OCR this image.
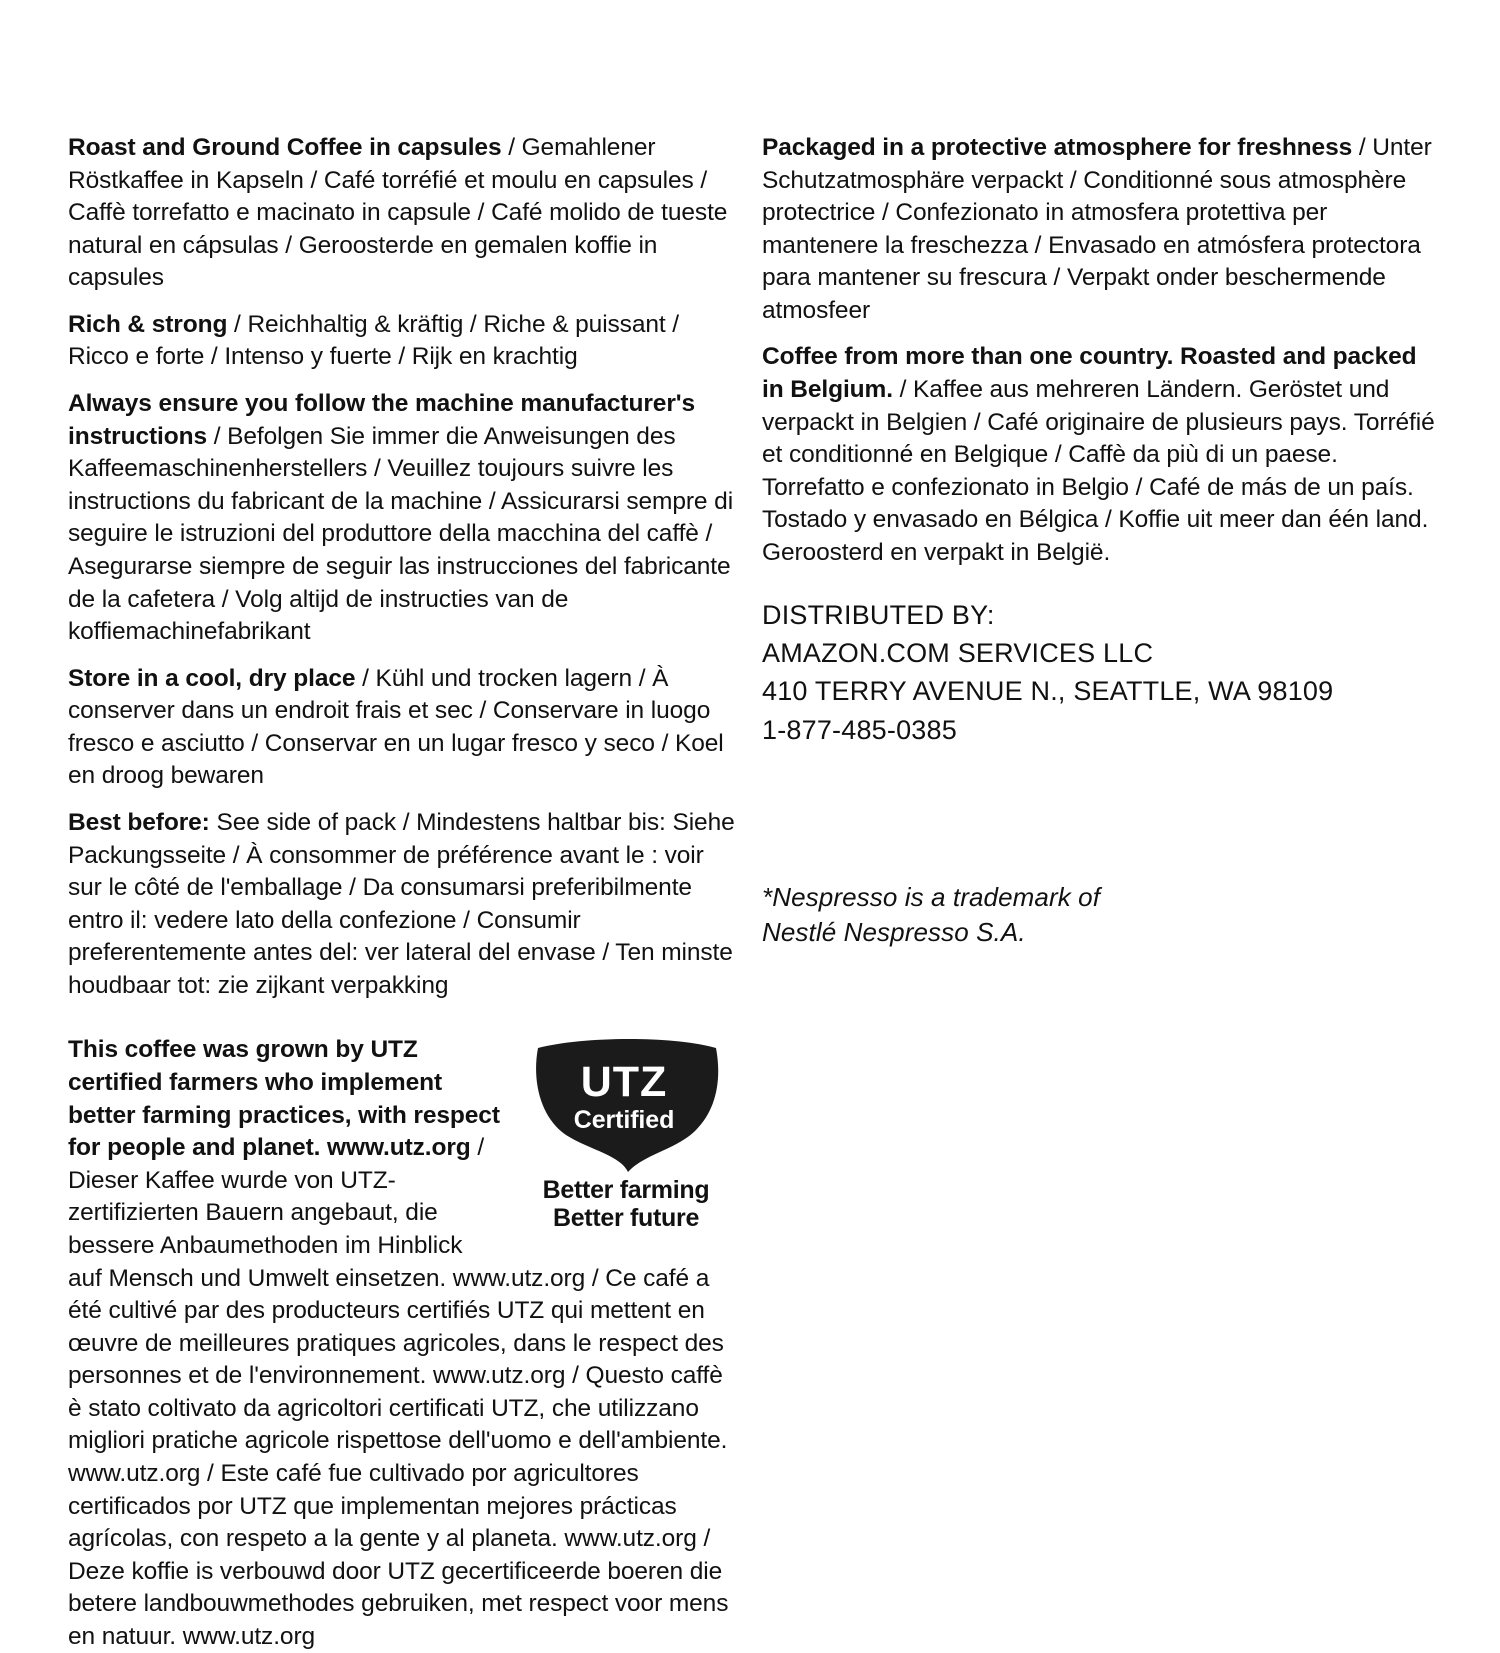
Roast and Ground Coffee in capsules / Gemahlener Röstkaffee in Kapseln / Café torréfié et moulu en capsules / Caffè torrefatto e macinato in capsule / Café molido de tueste natural en cápsulas / Geroosterde en gemalen koffie in capsules

Rich & strong / Reichhaltig & kräftig / Riche & puissant / Ricco e forte / Intenso y fuerte / Rijk en krachtig

Always ensure you follow the machine manufacturer's instructions / Befolgen Sie immer die Anweisungen des Kaffeemaschinenherstellers / Veuillez toujours suivre les instructions du fabricant de la machine / Assicurarsi sempre di seguire le istruzioni del produttore della macchina del caffè / Asegurarse siempre de seguir las instrucciones del fabricante de la cafetera / Volg altijd de instructies van de koffiemachinefabrikant

Store in a cool, dry place / Kühl und trocken lagern / À conserver dans un endroit frais et sec / Conservare in luogo fresco e asciutto / Conservar en un lugar fresco y seco / Koel en droog bewaren

Best before: See side of pack / Mindestens haltbar bis: Siehe Packungsseite / À consommer de préférence avant le : voir sur le côté de l'emballage / Da consumarsi preferibilmente entro il: vedere lato della confezione / Consumir preferentemente antes del: ver lateral del envase / Ten minste houdbaar tot: zie zijkant verpakking

UTZ
Certified
Better farming
Better future
This coffee was grown by UTZ certified farmers who implement better farming practices, with respect for people and planet. www.utz.org / Dieser Kaffee wurde von UTZ-zertifizierten Bauern angebaut, die bessere Anbaumethoden im Hinblick auf Mensch und Umwelt einsetzen. www.utz.org / Ce café a été cultivé par des producteurs certifiés UTZ qui mettent en œuvre de meilleures pratiques agricoles, dans le respect des personnes et de l'environnement. www.utz.org / Questo caffè è stato coltivato da agricoltori certificati UTZ, che utilizzano migliori pratiche agricole rispettose dell'uomo e dell'ambiente. www.utz.org / Este café fue cultivado por agricultores certificados por UTZ que implementan mejores prácticas agrícolas, con respeto a la gente y al planeta. www.utz.org / Deze koffie is verbouwd door UTZ gecertificeerde boeren die betere landbouwmethodes gebruiken, met respect voor mens en natuur. www.utz.org

Packaged in a protective atmosphere for freshness / Unter Schutzatmosphäre verpackt / Conditionné sous atmosphère protectrice / Confezionato in atmosfera protettiva per mantenere la freschezza / Envasado en atmósfera protectora para mantener su frescura / Verpakt onder beschermende atmosfeer

Coffee from more than one country. Roasted and packed in Belgium. / Kaffee aus mehreren Ländern. Geröstet und verpackt in Belgien / Café originaire de plusieurs pays. Torréfié et conditionné en Belgique / Caffè da più di un paese. Torrefatto e confezionato in Belgio / Café de más de un país. Tostado y envasado en Bélgica / Koffie uit meer dan één land. Geroosterd en verpakt in België.

DISTRIBUTED BY:

AMAZON.COM SERVICES LLC

410 TERRY AVENUE N., SEATTLE, WA 98109

1-877-485-0385

*Nespresso is a trademark of
Nestlé Nespresso S.A.
